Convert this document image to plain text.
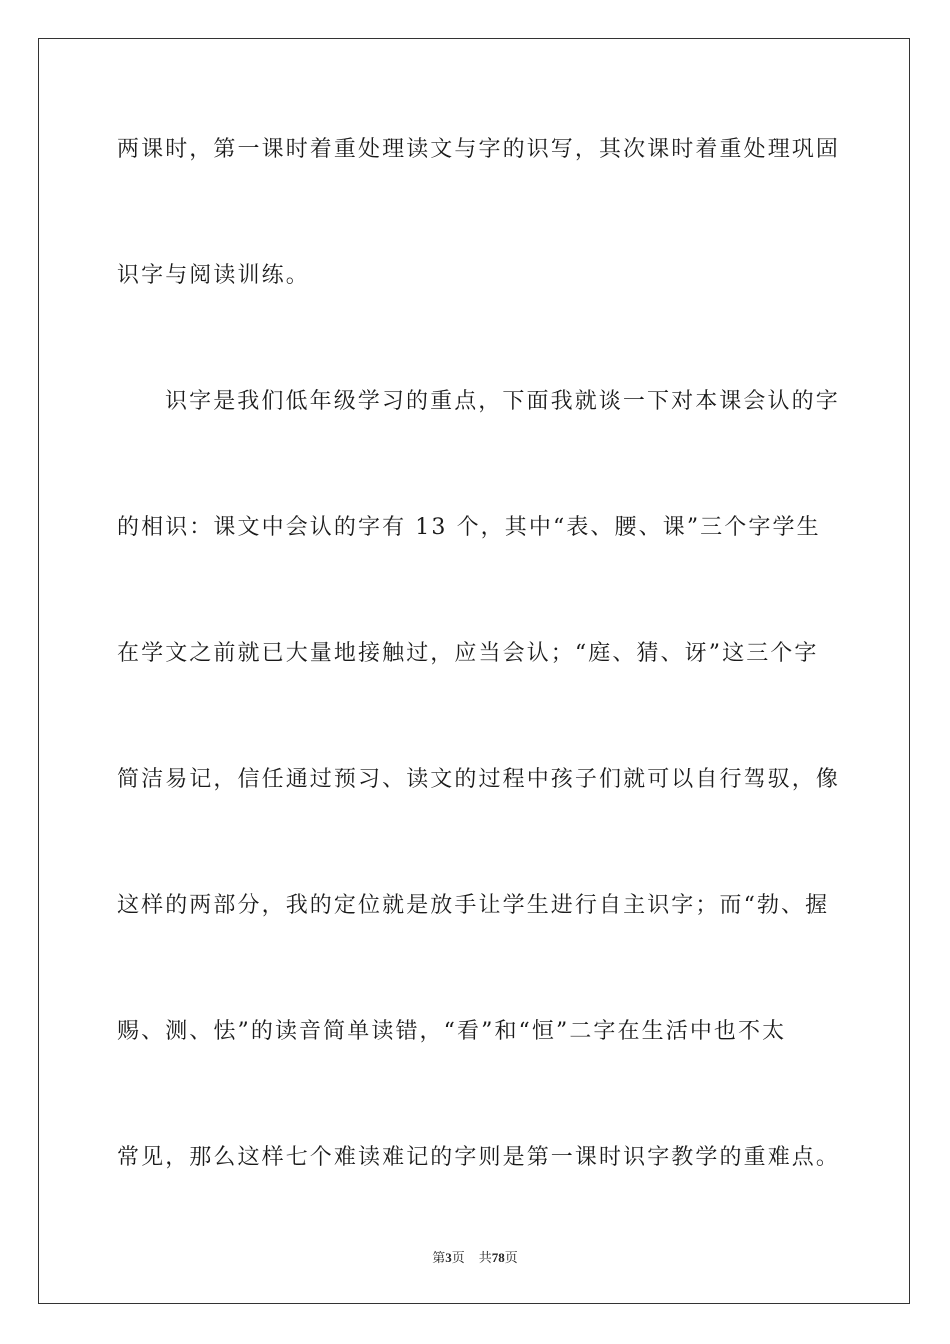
两课时，第一课时着重处理读文与字的识写，其次课时着重处理巩固
识字与阅读训练。
识字是我们低年级学习的重点，下面我就谈一下对本课会认的字
的相识：课文中会认的字有 13 个，其中“表、腰、课”三个字学生
在学文之前就已大量地接触过，应当会认；“庭、猜、讶”这三个字
简洁易记，信任通过预习、读文的过程中孩子们就可以自行驾驭，像
这样的两部分，我的定位就是放手让学生进行自主识字；而“勃、握
赐、测、怯”的读音简单读错，“看”和“恒”二字在生活中也不太
常见，那么这样七个难读难记的字则是第一课时识字教学的重难点。
第3页 共78页
